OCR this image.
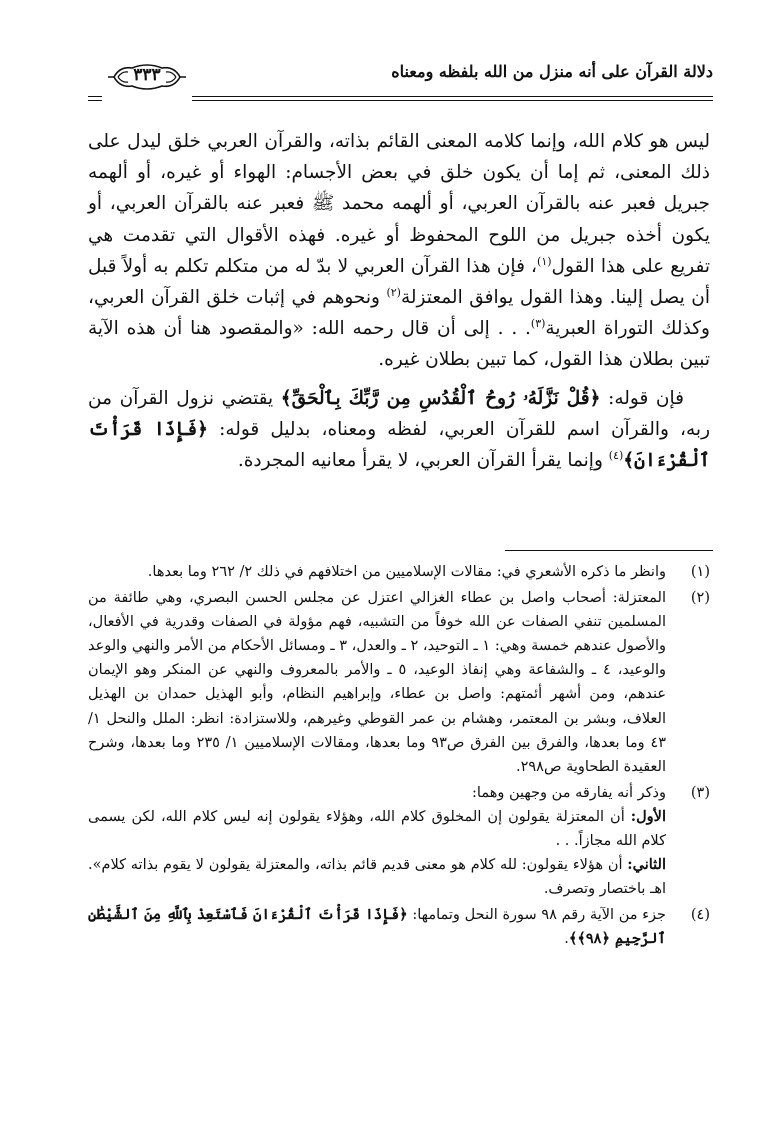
دلالة القرآن على أنه منزل من الله بلفظه ومعناه
٣٣٣

ليس هو كلام الله، وإنما كلامه المعنى القائم بذاته، والقرآن العربي خلق ليدل على ذلك المعنى، ثم إما أن يكون خلق في بعض الأجسام: الهواء أو غيره، أو ألهمه جبريل فعبر عنه بالقرآن العربي، أو ألهمه محمد ﷺ فعبر عنه بالقرآن العربي، أو يكون أخذه جبريل من اللوح المحفوظ أو غيره. فهذه الأقوال التي تقدمت هي تفريع على هذا القول$^{(١)}$، فإن هذا القرآن العربي لا بدّ له من متكلم تكلم به أولاً قبل أن يصل إلينا. وهذا القول يوافق المعتزلة$^{(٢)}$ ونحوهم في إثبات خلق القرآن العربي، وكذلك التوراة العبرية$^{(٣)}$. . . إلى أن قال رحمه الله: «والمقصود هنا أن هذه الآية تبين بطلان هذا القول، كما تبين بطلان غيره.

فإن قوله: ﴿قُلْ نَزَّلَهُۥ رُوحُ ٱلْقُدُسِ مِن رَّبِّكَ بِٱلْحَقِّ﴾ يقتضي نزول القرآن من ربه، والقرآن اسم للقرآن العربي، لفظه ومعناه، بدليل قوله: ﴿فَإِذَا قَرَأْتَ ٱلْقُرْءَانَ﴾$^{(٤)}$ وإنما يقرأ القرآن العربي، لا يقرأ معانيه المجردة.

(١)

وانظر ما ذكره الأشعري في: مقالات الإسلاميين من اختلافهم في ذلك ٢/ ٢٦٢ وما بعدها.

(٢)

المعتزلة: أصحاب واصل بن عطاء الغزالي اعتزل عن مجلس الحسن البصري، وهي طائفة من المسلمين تنفي الصفات عن الله خوفاً من التشبيه، فهم مؤولة في الصفات وقدرية في الأفعال، والأصول عندهم خمسة وهي: ١ ـ التوحيد، ٢ ـ والعدل، ٣ ـ ومسائل الأحكام من الأمر والنهي والوعد والوعيد، ٤ ـ والشفاعة وهي إنفاذ الوعيد، ٥ ـ والأمر بالمعروف والنهي عن المنكر وهو الإيمان عندهم، ومن أشهر أئمتهم: واصل بن عطاء، وإبراهيم النظام، وأبو الهذيل حمدان بن الهذيل العلاف، وبشر بن المعتمر، وهشام بن عمر القوطي وغيرهم، وللاستزادة: انظر: الملل والنحل ١/ ٤٣ وما بعدها، والفرق بين الفرق ص٩٣ وما بعدها، ومقالات الإسلاميين ١/ ٢٣٥ وما بعدها، وشرح العقيدة الطحاوية ص٢٩٨.

(٣)

وذكر أنه يفارقه من وجهين وهما:

الأول: أن المعتزلة يقولون إن المخلوق كلام الله، وهؤلاء يقولون إنه ليس كلام الله، لكن يسمى كلام الله مجازاً. . .

الثاني: أن هؤلاء يقولون: لله كلام هو معنى قديم قائم بذاته، والمعتزلة يقولون لا يقوم بذاته كلام». اهـ باختصار وتصرف.

(٤)

جزء من الآية رقم ٩٨ سورة النحل وتمامها: ﴿فَإِذَا قَرَأْتَ ٱلْقُرْءَانَ فَٱسْتَعِذْ بِٱللَّهِ مِنَ ٱلشَّيْطَٰنِ ٱلرَّجِيمِ ﴿٩٨﴾﴾.
